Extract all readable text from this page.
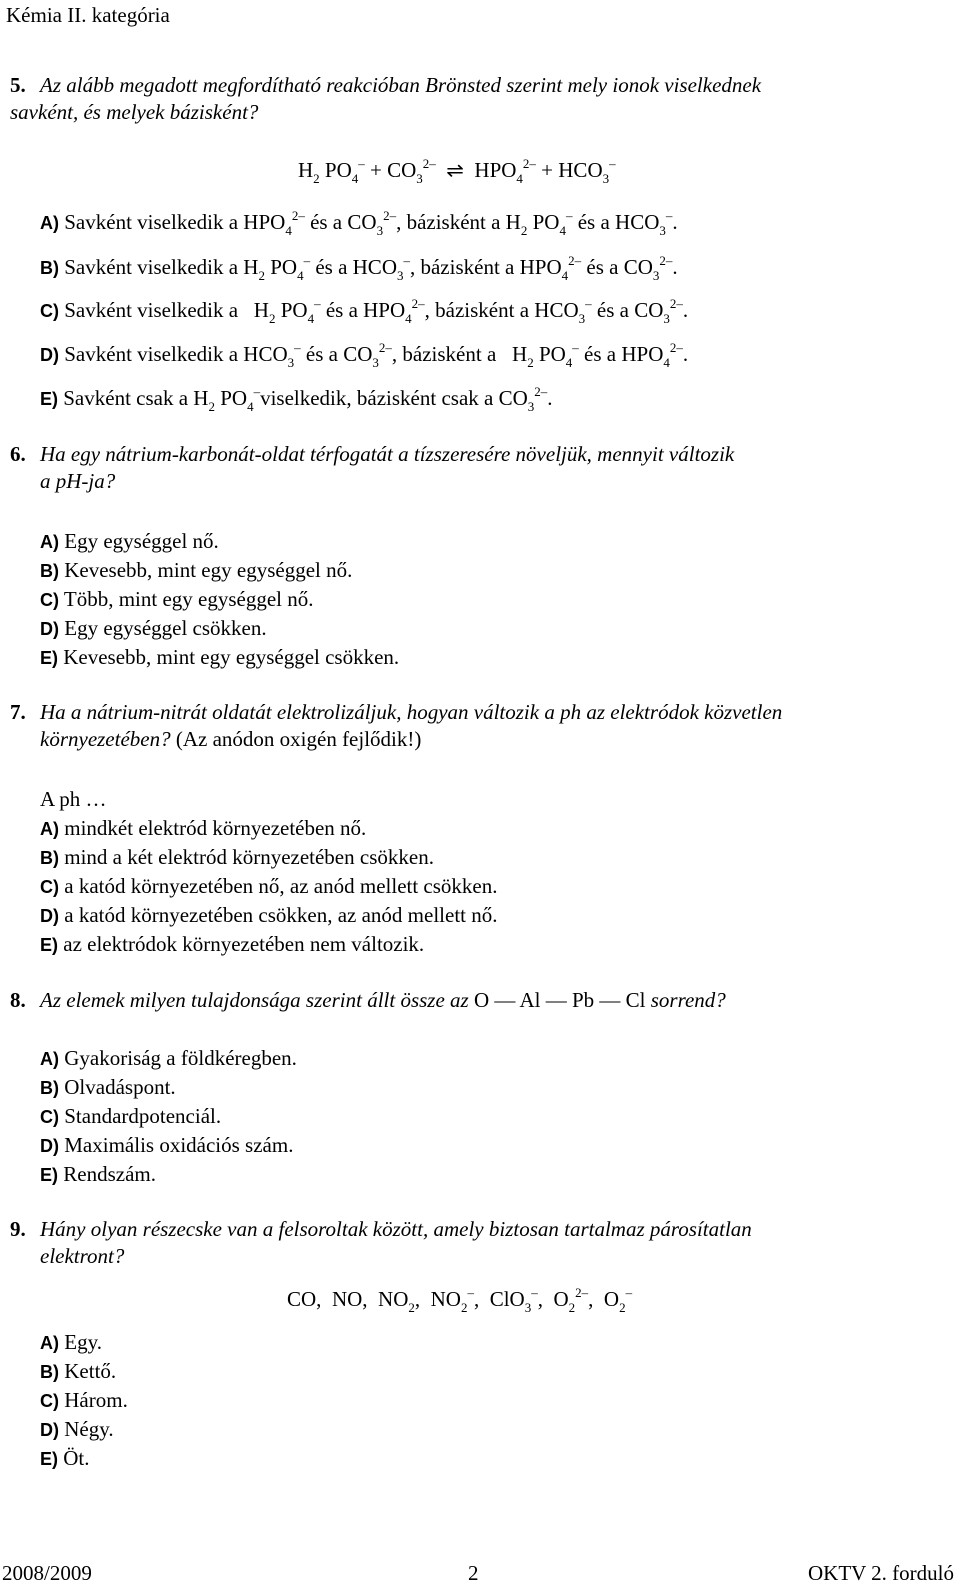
Kémia II. kategória
5. Az alább megadott megfordítható reakcióban Brönsted szerint mely ionok viselkednek
savként, és melyek bázisként?
$H_2$ $PO_4^- + CO_3^{2-}$ ⇌ $HPO_4^{2-} + HCO_3^-$
A) Savként viselkedik a $HPO_4^{2-}$ és a $CO_3^{2-}$, bázisként a $H_2$ $PO_4^-$ és a $HCO_3^-$.
B) Savként viselkedik a $H_2$ $PO_4^-$ és a $HCO_3^-$, bázisként a $HPO_4^{2-}$ és a $CO_3^{2-}$.
C) Savként viselkedik a $H_2$ $PO_4^-$ és a $HPO_4^{2-}$, bázisként a $HCO_3^-$ és a $CO_3^{2-}$.
D) Savként viselkedik a $HCO_3^-$ és a $CO_3^{2-}$, bázisként a $H_2$ $PO_4^-$ és a $HPO_4^{2-}$.
E) Savként csak a $H_2$ $PO_4^-viselkedik$, bázisként csak a $CO_3^{2-}$.
6. Ha egy nátrium-karbonát-oldat térfogatát a tízszeresére növeljük, mennyit változik
a pH-ja?
A) Egy egységgel nő.
B) Kevesebb, mint egy egységgel nő.
C) Több, mint egy egységgel nő.
D) Egy egységgel csökken.
E) Kevesebb, mint egy egységgel csökken.
7. Ha a nátrium-nitrát oldatát elektrolizáljuk, hogyan változik a ph az elektródok közvetlen
környezetében? (Az anódon oxigén fejlődik!)
A ph …
A) mindkét elektród környezetében nő.
B) mind a két elektród környezetében csökken.
C) a katód környezetében nő, az anód mellett csökken.
D) a katód környezetében csökken, az anód mellett nő.
E) az elektródok környezetében nem változik.
8. Az elemek milyen tulajdonsága szerint állt össze az O — Al — Pb — Cl sorrend?
A) Gyakoriság a földkéregben.
B) Olvadáspont.
C) Standardpotenciál.
D) Maximális oxidációs szám.
E) Rendszám.
9. Hány olyan részecske van a felsoroltak között, amely biztosan tartalmaz párosítatlan
elektront?
CO, NO, $NO_2$, $NO_2^-$, ClO$_3$–, $O_2^{2-}$, $O_2^-$
A) Egy.
B) Kettő.
C) Három.
D) Négy.
E) Öt.
2008/2009	2	OKTV 2. forduló
